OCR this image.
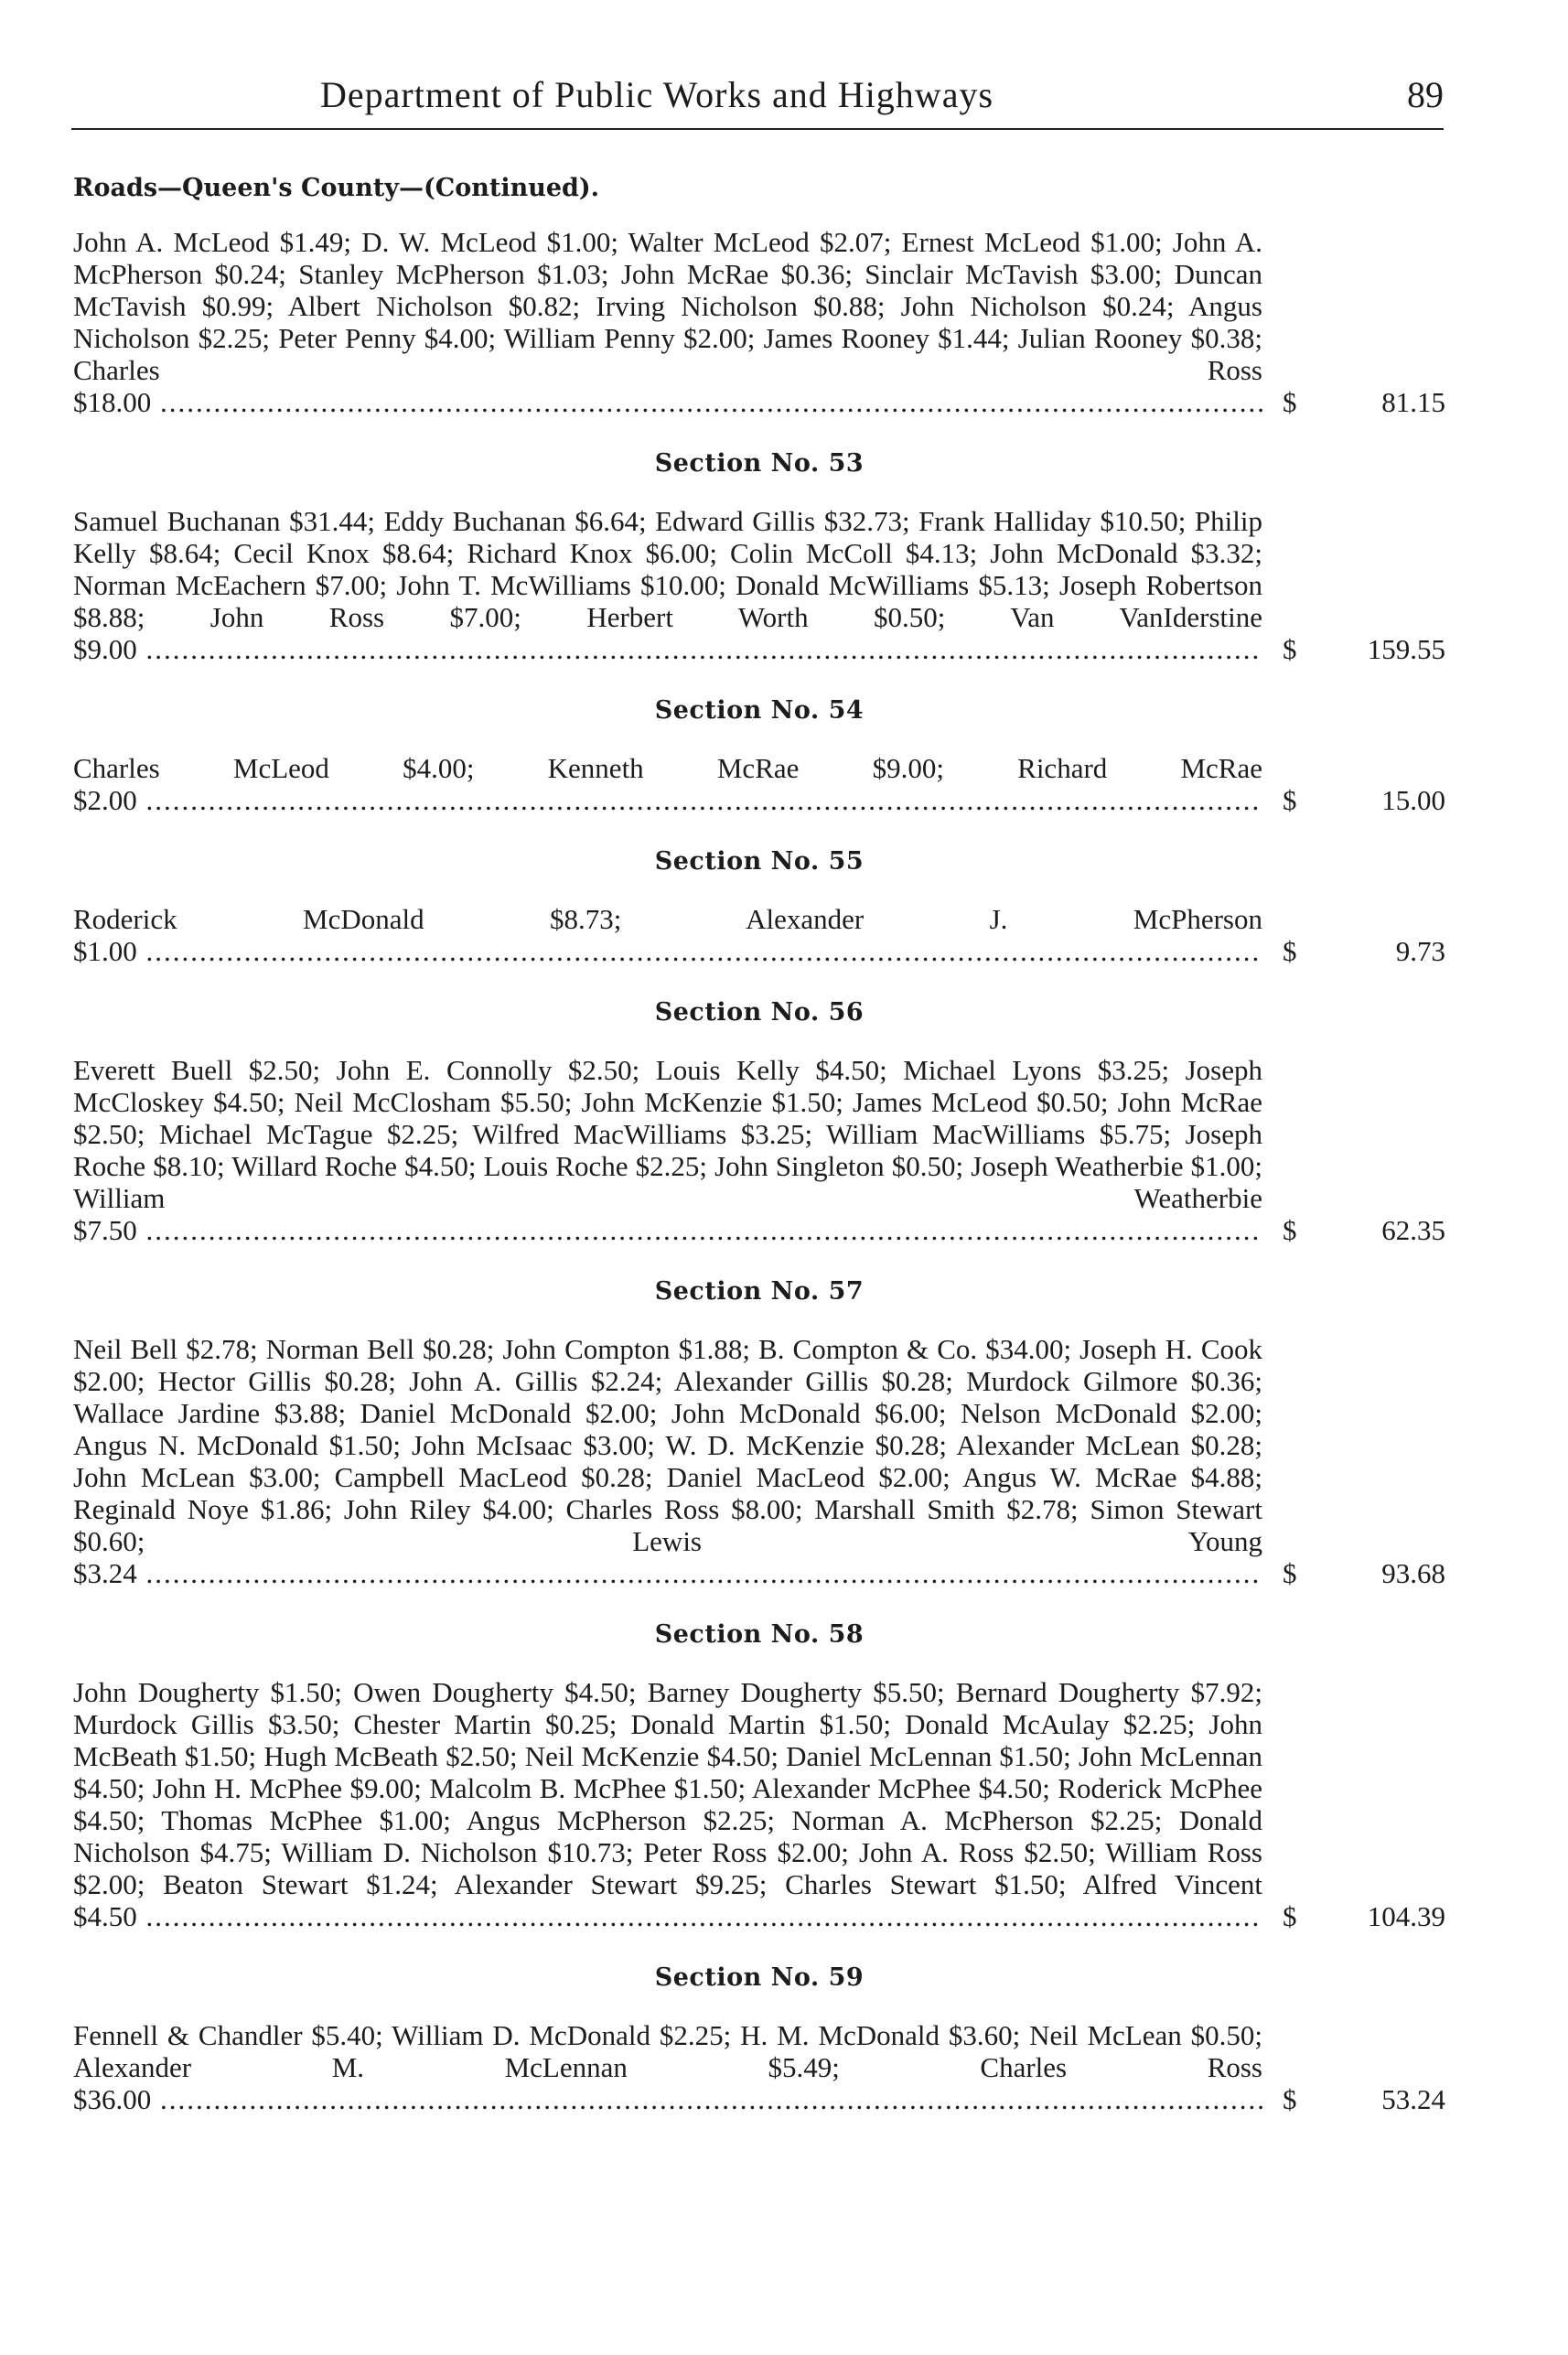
Department of Public Works and Highways	89
Roads—Queen's County—(Continued).
John A. McLeod $1.49; D. W. McLeod $1.00; Walter McLeod $2.07; Ernest McLeod $1.00; John A. McPherson $0.24; Stanley McPherson $1.03; John McRae $0.36; Sinclair McTavish $3.00; Duncan McTavish $0.99; Albert Nicholson $0.82; Irving Nicholson $0.88; John Nicholson $0.24; Angus Nicholson $2.25; Peter Penny $4.00; William Penny $2.00; James Rooney $1.44; Julian Rooney $0.38; Charles Ross $18.00 .....	$	81.15
Section No. 53
Samuel Buchanan $31.44; Eddy Buchanan $6.64; Edward Gillis $32.73; Frank Halliday $10.50; Philip Kelly $8.64; Cecil Knox $8.64; Richard Knox $6.00; Colin McColl $4.13; John McDonald $3.32; Norman McEachern $7.00; John T. McWilliams $10.00; Donald McWilliams $5.13; Joseph Robertson $8.88; John Ross $7.00; Herbert Worth $0.50; Van VanIderstine $9.00 .....	$	159.55
Section No. 54
Charles McLeod $4.00; Kenneth McRae $9.00; Richard McRae $2.00 .....	$	15.00
Section No. 55
Roderick McDonald $8.73; Alexander J. McPherson $1.00 .....	$	9.73
Section No. 56
Everett Buell $2.50; John E. Connolly $2.50; Louis Kelly $4.50; Michael Lyons $3.25; Joseph McCloskey $4.50; Neil McClosham $5.50; John McKenzie $1.50; James McLeod $0.50; John McRae $2.50; Michael McTague $2.25; Wilfred MacWilliams $3.25; William MacWilliams $5.75; Joseph Roche $8.10; Willard Roche $4.50; Louis Roche $2.25; John Singleton $0.50; Joseph Weatherbie $1.00; William Weatherbie $7.50 .....	$	62.35
Section No. 57
Neil Bell $2.78; Norman Bell $0.28; John Compton $1.88; B. Compton & Co. $34.00; Joseph H. Cook $2.00; Hector Gillis $0.28; John A. Gillis $2.24; Alexander Gillis $0.28; Murdock Gilmore $0.36; Wallace Jardine $3.88; Daniel McDonald $2.00; John McDonald $6.00; Nelson McDonald $2.00; Angus N. McDonald $1.50; John McIsaac $3.00; W. D. McKenzie $0.28; Alexander McLean $0.28; John McLean $3.00; Campbell MacLeod $0.28; Daniel MacLeod $2.00; Angus W. McRae $4.88; Reginald Noye $1.86; John Riley $4.00; Charles Ross $8.00; Marshall Smith $2.78; Simon Stewart $0.60; Lewis Young $3.24 .....	$	93.68
Section No. 58
John Dougherty $1.50; Owen Dougherty $4.50; Barney Dougherty $5.50; Bernard Dougherty $7.92; Murdock Gillis $3.50; Chester Martin $0.25; Donald Martin $1.50; Donald McAulay $2.25; John McBeath $1.50; Hugh McBeath $2.50; Neil McKenzie $4.50; Daniel McLennan $1.50; John McLennan $4.50; John H. McPhee $9.00; Malcolm B. McPhee $1.50; Alexander McPhee $4.50; Roderick McPhee $4.50; Thomas McPhee $1.00; Angus McPherson $2.25; Norman A. McPherson $2.25; Donald Nicholson $4.75; William D. Nicholson $10.73; Peter Ross $2.00; John A. Ross $2.50; William Ross $2.00; Beaton Stewart $1.24; Alexander Stewart $9.25; Charles Stewart $1.50; Alfred Vincent $4.50 .....	$	104.39
Section No. 59
Fennell & Chandler $5.40; William D. McDonald $2.25; H. M. McDonald $3.60; Neil McLean $0.50; Alexander M. McLennan $5.49; Charles Ross $36.00 .....	$	53.24
